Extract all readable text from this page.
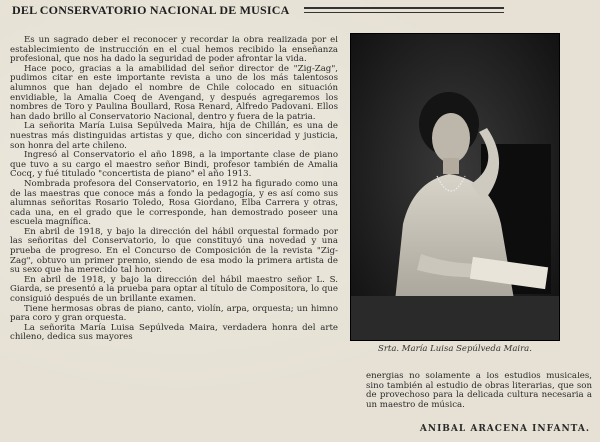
DEL CONSERVATORIO NACIONAL DE MUSICA

Es un sagrado deber el reconocer y recordar la obra realizada por el establecimiento de instrucción en el cual hemos recibido la enseñanza profesional, que nos ha dado la seguridad de poder afrontar la vida.

Hace poco, gracias a la amabilidad del señor director de "Zig-Zag", pudimos citar en este importante revista a uno de los más talentosos alumnos que han dejado el nombre de Chile colocado en situación envidiable, la Amalia Coeq de Avengand, y después agregaremos los nombres de Toro y Paulina Boullard, Rosa Renard, Alfredo Padovani. Ellos han dado brillo al Conservatorio Nacional, dentro y fuera de la patria.

La señorita María Luisa Sepúlveda Maira, hija de Chillán, es una de nuestras más distinguidas artistas y que, dicho con sinceridad y justicia, son honra del arte chileno.

Ingresó al Conservatorio el año 1898, a la importante clase de piano que tuvo a su cargo el maestro señor Bindi, profesor también de Amalia Cocq, y fué titulado "concertista de piano" el año 1913.

Nombrada profesora del Conservatorio, en 1912 ha figurado como una de las maestras que conoce más a fondo la pedagogía, y es así como sus alumnas señoritas Rosario Toledo, Rosa Giordano, Elba Carrera y otras, cada una, en el grado que le corresponde, han demostrado poseer una escuela magnífica.

En abril de 1918, y bajo la dirección del hábil orquestal formado por las señoritas del Conservatorio, lo que constituyó una novedad y una prueba de progreso. En el Concurso de Composición de la revista "Zig-Zag", obtuvo un primer premio, siendo de esa modo la primera artista de su sexo que ha merecido tal honor.

En abril de 1918, y bajo la dirección del hábil maestro señor L. S. Giarda, se presentó a la prueba para optar al título de Compositora, lo que consiguió después de un brillante examen.

Tiene hermosas obras de piano, canto, violín, arpa, orquesta; un himno para coro y gran orquesta.

La señorita María Luisa Sepúlveda Maira, verdadera honra del arte chileno, dedica sus mayores

Srta. María Luisa Sepúlveda Maira.
energías no solamente a los estudios musicales, sino también al estudio de obras literarias, que son de provechoso para la delicada cultura necesaria a un maestro de música.
ANIBAL ARACENA INFANTA.
